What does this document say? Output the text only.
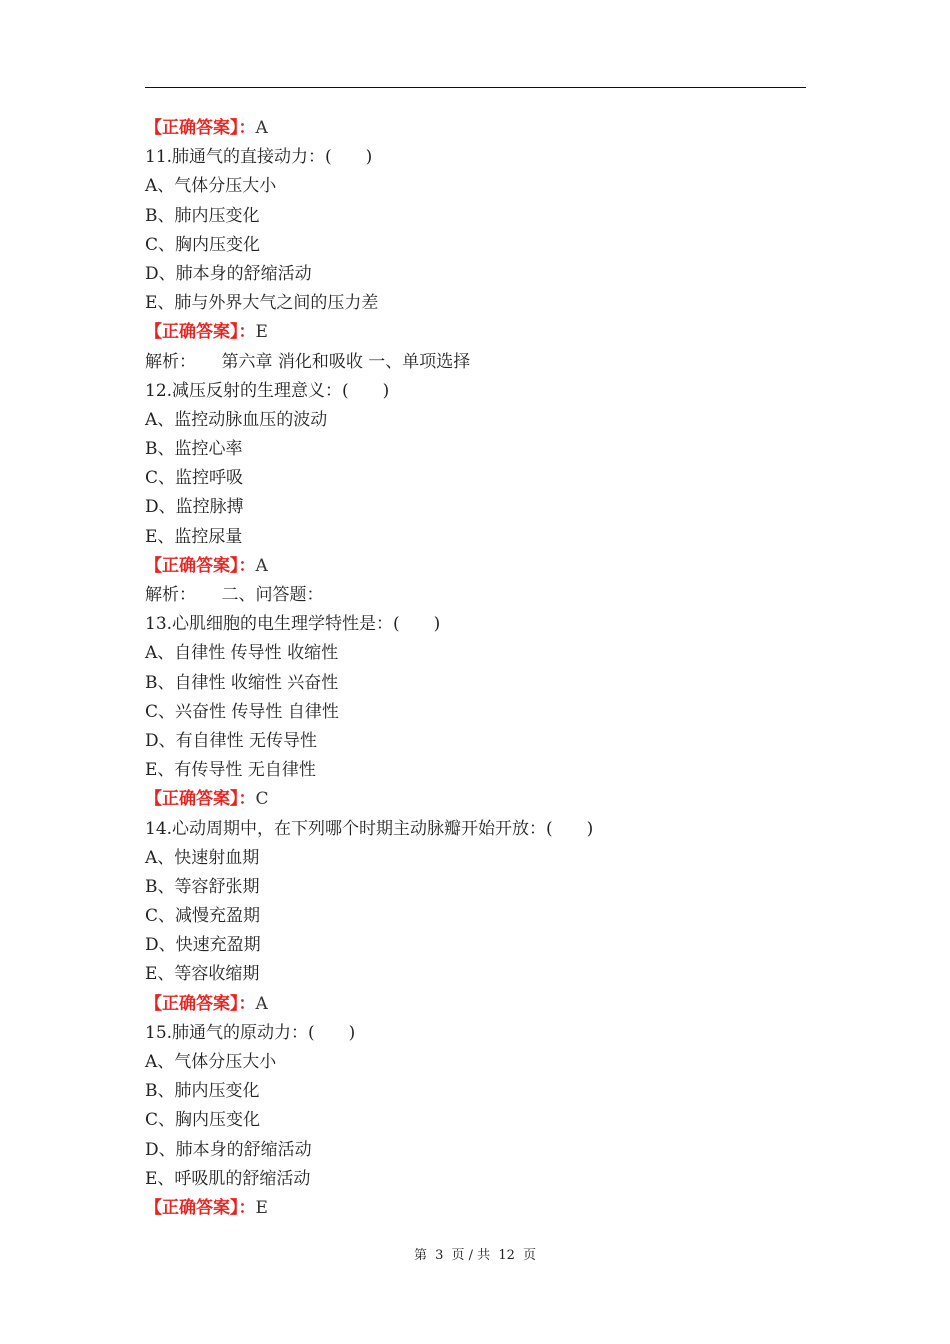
【正确答案】：A
11.肺通气的直接动力：(　　)
A、气体分压大小
B、肺内压变化
C、胸内压变化
D、肺本身的舒缩活动
E、肺与外界大气之间的压力差
【正确答案】：E
解析：　　第六章 消化和吸收 一、单项选择
12.减压反射的生理意义：(　　)
A、监控动脉血压的波动
B、监控心率
C、监控呼吸
D、监控脉搏
E、监控尿量
【正确答案】：A
解析：　　二、问答题：
13.心肌细胞的电生理学特性是：(　　)
A、自律性 传导性 收缩性
B、自律性 收缩性 兴奋性
C、兴奋性 传导性 自律性
D、有自律性 无传导性
E、有传导性 无自律性
【正确答案】：C
14.心动周期中，在下列哪个时期主动脉瓣开始开放：(　　)
A、快速射血期
B、等容舒张期
C、减慢充盈期
D、快速充盈期
E、等容收缩期
【正确答案】：A
15.肺通气的原动力：(　　)
A、气体分压大小
B、肺内压变化
C、胸内压变化
D、肺本身的舒缩活动
E、呼吸肌的舒缩活动
【正确答案】：E
第 3 页 / 共 12 页
